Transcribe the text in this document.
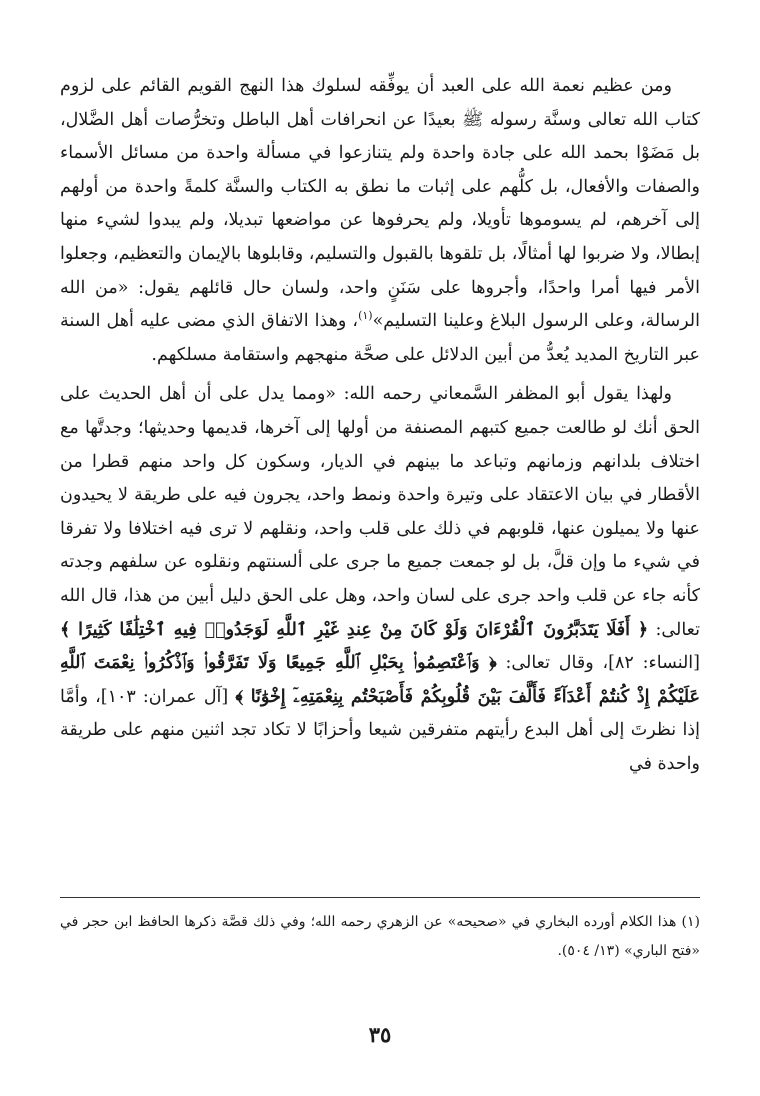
ومن عظيم نعمة الله على العبد أن يوفِّقه لسلوك هذا النهج القويم القائم على لزوم كتاب الله تعالى وسنَّة رسوله ﷺ بعيدًا عن انحرافات أهل الباطل وتخرُّصات أهل الضَّلال، بل مَضَوْا بحمد الله على جادة واحدة ولم يتنازعوا في مسألة واحدة من مسائل الأسماء والصفات والأفعال، بل كلُّهم على إثبات ما نطق به الكتاب والسنَّة كلمةً واحدة من أولهم إلى آخرهم، لم يسوموها تأويلا، ولم يحرفوها عن مواضعها تبديلا، ولم يبدوا لشيء منها إبطالا، ولا ضربوا لها أمثالًا، بل تلقوها بالقبول والتسليم، وقابلوها بالإيمان والتعظيم، وجعلوا الأمر فيها أمرا واحدًا، وأجروها على سَنَنٍ واحد، ولسان حال قائلهم يقول: «من الله الرسالة، وعلى الرسول البلاغ وعلينا التسليم»$^{(١)}$، وهذا الاتفاق الذي مضى عليه أهل السنة عبر التاريخ المديد يُعدُّ من أبين الدلائل على صحَّة منهجهم واستقامة مسلكهم.

ولهذا يقول أبو المظفر السَّمعاني رحمه الله: «ومما يدل على أن أهل الحديث على الحق أنك لو طالعت جميع كتبهم المصنفة من أولها إلى آخرها، قديمها وحديثها؛ وجدتَّها مع اختلاف بلدانهم وزمانهم وتباعد ما بينهم في الديار، وسكون كل واحد منهم قطرا من الأقطار في بيان الاعتقاد على وتيرة واحدة ونمط واحد، يجرون فيه على طريقة لا يحيدون عنها ولا يميلون عنها، قلوبهم في ذلك على قلب واحد، ونقلهم لا ترى فيه اختلافا ولا تفرقا في شيء ما وإن قلَّ، بل لو جمعت جميع ما جرى على ألسنتهم ونقلوه عن سلفهم وجدته كأنه جاء عن قلب واحد جرى على لسان واحد، وهل على الحق دليل أبين من هذا، قال الله تعالى: ﴿ أَفَلَا يَتَدَبَّرُونَ ٱلْقُرْءَانَ وَلَوْ كَانَ مِنْ عِندِ غَيْرِ ٱللَّهِ لَوَجَدُوا۟ فِيهِ ٱخْتِلَٰفًا كَثِيرًا ﴾ [النساء: ٨٢]، وقال تعالى: ﴿ وَٱعْتَصِمُوا۟ بِحَبْلِ ٱللَّهِ جَمِيعًا وَلَا تَفَرَّقُوا۟ وَٱذْكُرُوا۟ نِعْمَتَ ٱللَّهِ عَلَيْكُمْ إِذْ كُنتُمْ أَعْدَآءً فَأَلَّفَ بَيْنَ قُلُوبِكُمْ فَأَصْبَحْتُم بِنِعْمَتِهِۦٓ إِخْوَٰنًا ﴾ [آل عمران: ١٠٣]، وأمَّا إذا نظرتَ إلى أهل البدع رأيتهم متفرقين شيعا وأحزابًا لا تكاد تجد اثنين منهم على طريقة واحدة في

(١) هذا الكلام أورده البخاري في «صحيحه» عن الزهري رحمه الله؛ وفي ذلك قصَّة ذكرها الحافظ ابن حجر في «فتح الباري» (١٣/ ٥٠٤).
٣٥
